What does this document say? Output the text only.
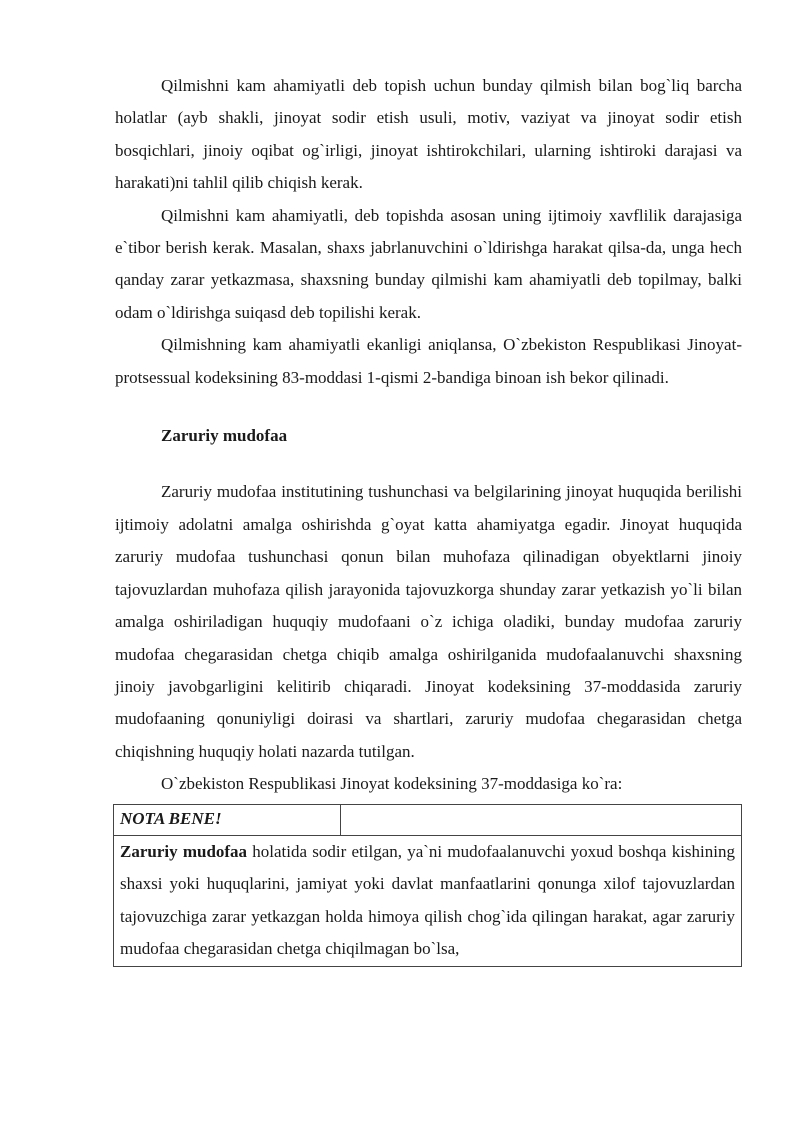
Qilmishni kam ahamiyatli deb topish uchun bunday qilmish bilan bog`liq barcha holatlar (ayb shakli, jinoyat sodir etish usuli, motiv, vaziyat va jinoyat sodir etish bosqichlari, jinoiy oqibat og`irligi, jinoyat ishtirokchilari, ularning ishtiroki darajasi va harakati)ni tahlil qilib chiqish kerak.

Qilmishni kam ahamiyatli, deb topishda asosan uning ijtimoiy xavflilik darajasiga e`tibor berish kerak. Masalan, shaxs jabrlanuvchini o`ldirishga harakat qilsa-da, unga hech qanday zarar yetkazmasa, shaxsning bunday qilmishi kam ahamiyatli deb topilmay, balki odam o`ldirishga suiqasd deb topilishi kerak.

Qilmishning kam ahamiyatli ekanligi aniqlansa, O`zbekiston Respublikasi Jinoyat-protsessual kodeksining 83-moddasi 1-qismi 2-bandiga binoan ish bekor qilinadi.

Zaruriy mudofaa

Zaruriy mudofaa institutining tushunchasi va belgilarining jinoyat huquqida berilishi ijtimoiy adolatni amalga oshirishda g`oyat katta ahamiyatga egadir. Jinoyat huquqida zaruriy mudofaa tushunchasi qonun bilan muhofaza qilinadigan obyektlarni jinoiy tajovuzlardan muhofaza qilish jarayonida tajovuzkorga shunday zarar yetkazish yo`li bilan amalga oshiriladigan huquqiy mudofaani o`z ichiga oladiki, bunday mudofaa zaruriy mudofaa chegarasidan chetga chiqib amalga oshirilganida mudofaalanuvchi shaxsning jinoiy javobgarligini kelitirib chiqaradi. Jinoyat kodeksining 37-moddasida zaruriy mudofaaning qonuniyligi doirasi va shartlari, zaruriy mudofaa chegarasidan chetga chiqishning huquqiy holati nazarda tutilgan.

O`zbekiston Respublikasi Jinoyat kodeksining 37-moddasiga ko`ra:

NOTA BENE!	
Zaruriy mudofaa holatida sodir etilgan, ya`ni mudofaalanuvchi yoxud boshqa kishining shaxsi yoki huquqlarini, jamiyat yoki davlat manfaatlarini qonunga xilof tajovuzlardan tajovuzchiga zarar yetkazgan holda himoya qilish chog`ida qilingan harakat, agar zaruriy mudofaa chegarasidan chetga chiqilmagan bo`lsa,
